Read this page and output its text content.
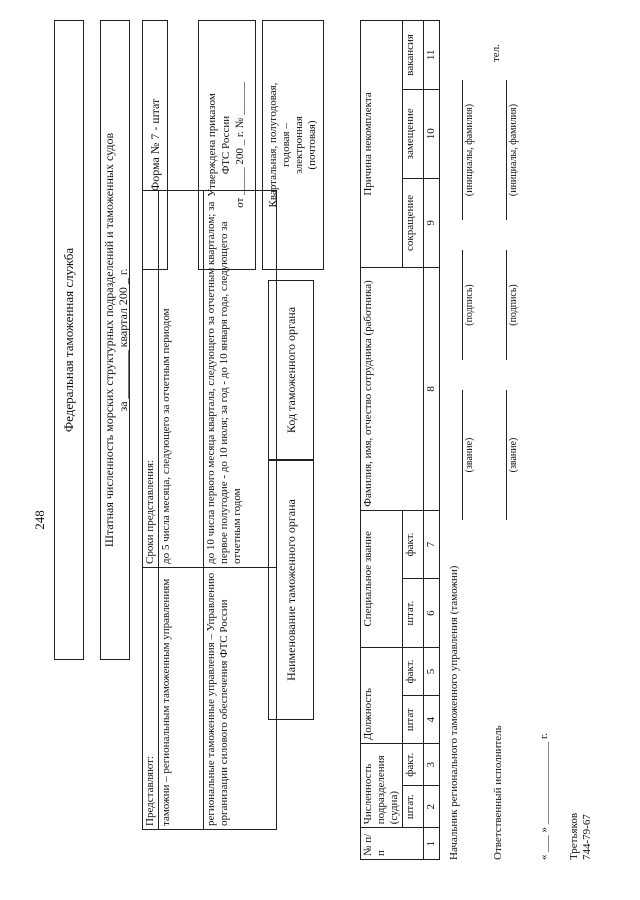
248
Федеральная таможенная служба	Штатная численность морских структурных подразделений и таможенных судов за ________ квартал 200 _ г.
Представляют:	Сроки представления:
таможни – региональным таможенным управлениям	до 5 числа месяца, следующего за отчетным периодом
региональные таможенные управления – Управлению организации силового обеспечения ФТС России	до 10 числа первого месяца квартала, следующего за отчетным кварталом; за первое полугодие - до 10 июля; за год - до 10 января года, следующего за отчетным годом
Форма № 7 - штат	Утверждена приказом ФТС России от _____ 200 _ г. № ______ Квартальная, полугодовая, годовая – электронная (почтовая)
Наименование таможенного органа
Код таможенного органа
№ п/п	Численность подразделения (судна)		Должность		Специальное звание		Фамилия, имя, отчество сотрудника (работника)	Причина некомплекта		
	штат.	факт.	штат	факт.	штат.	факт.		сокращение	замещение	вакансия
1	2	3	4	5	6	7	8	9	10	11
Начальник регионального таможенного управления (таможни)
(звание)
(подпись)
(инициалы, фамилия)
Ответственный исполнитель
(звание)
(подпись)
(инициалы, фамилия)
тел.
« ___ » _______________ г. Третьяков 744-79-67
